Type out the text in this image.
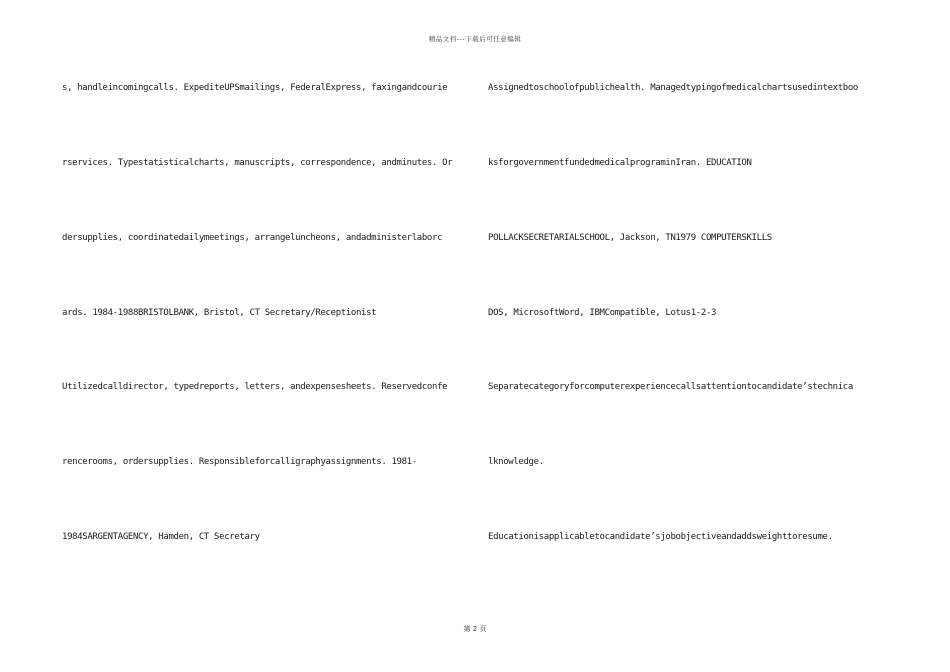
精品文档---下载后可任意编辑
s, handleincomingcalls. ExpediteUPSmailings, FederalExpress, faxingandcourie
rservices. Typestatisticalcharts, manuscripts, correspondence, andminutes. Or
dersupplies, coordinatedailymeetings, arrangeluncheons, andadministerlaborc
ards. 1984-1988BRISTOLBANK, Bristol, CT Secretary/Receptionist
Utilizedcalldirector, typedreports, letters, andexpensesheets. Reservedconfe
rencerooms, ordersupplies. Responsibleforcalligraphyassignments. 1981-
1984SARGENTAGENCY, Hamden, CT Secretary
Assignedtoschoolofpublichealth. Managedtypingofmedicalchartsusedintextboo
ksforgovernmentfundedmedicalprograminIran. EDUCATION
POLLACKSECRETARIALSCHOOL, Jackson, TN1979 COMPUTERSKILLS
DOS, MicrosoftWord, IBMCompatible, Lotus1-2-3
Separatecategoryforcomputerexperiencecallsattentiontocandidate’stechnica
lknowledge.
Educationisapplicabletocandidate’sjobobjectiveandaddsweighttoresume.
第 2 页
